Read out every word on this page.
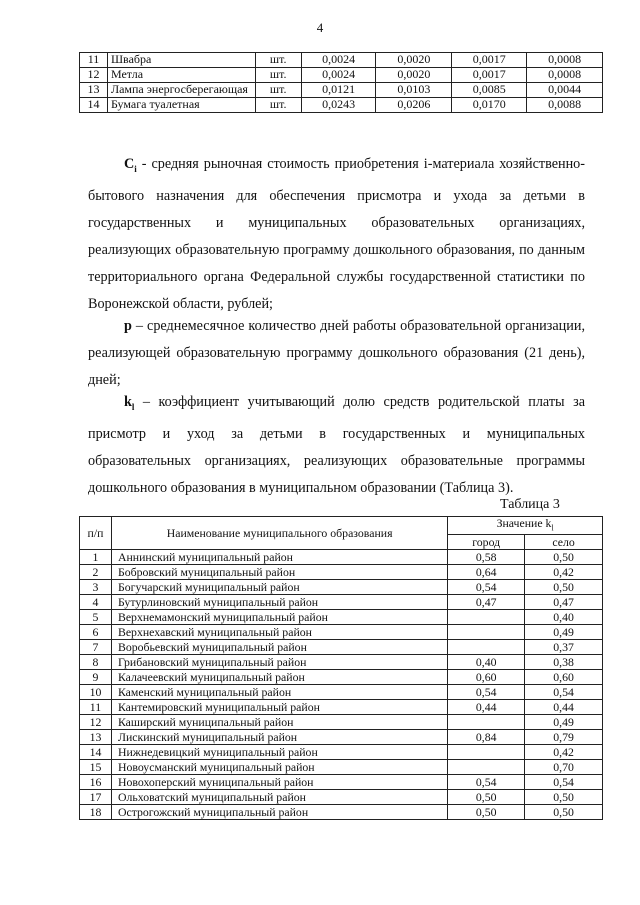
4
11	Швабра	шт.	0,0024	0,0020	0,0017	0,0008
12	Метла	шт.	0,0024	0,0020	0,0017	0,0008
13	Лампа энергосберегающая	шт.	0,0121	0,0103	0,0085	0,0044
14	Бумага туалетная	шт.	0,0243	0,0206	0,0170	0,0088
$С_i$ - средняя рыночная стоимость приобретения i-материала хозяйственно-бытового назначения для обеспечения присмотра и ухода за детьми в государственных и муниципальных образовательных организациях, реализующих образовательную программу дошкольного образования, по данным территориального органа Федеральной службы государственной статистики по Воронежской области, рублей;
р – среднемесячное количество дней работы образовательной организации, реализующей образовательную программу дошкольного образования (21 день), дней;
$k_l$ – коэффициент учитывающий долю средств родительской платы за присмотр и уход за детьми в государственных и муниципальных образовательных организациях, реализующих образовательные программы дошкольного образования в муниципальном образовании (Таблица 3).
Таблица 3
п/п	Наименование муниципального образования	Значение $k_l$
		город	село
1	Аннинский муниципальный район	0,58	0,50
2	Бобровский муниципальный район	0,64	0,42
3	Богучарский муниципальный район	0,54	0,50
4	Бутурлиновский муниципальный район	0,47	0,47
5	Верхнемамонский муниципальный район		0,40
6	Верхнехавский муниципальный район		0,49
7	Воробьевский муниципальный район		0,37
8	Грибановский муниципальный район	0,40	0,38
9	Калачеевский муниципальный район	0,60	0,60
10	Каменский муниципальный район	0,54	0,54
11	Кантемировский муниципальный район	0,44	0,44
12	Каширский муниципальный район		0,49
13	Лискинский муниципальный район	0,84	0,79
14	Нижнедевицкий муниципальный район		0,42
15	Новоусманский муниципальный район		0,70
16	Новохоперский муниципальный район	0,54	0,54
17	Ольховатский муниципальный район	0,50	0,50
18	Острогожский муниципальный район	0,50	0,50
